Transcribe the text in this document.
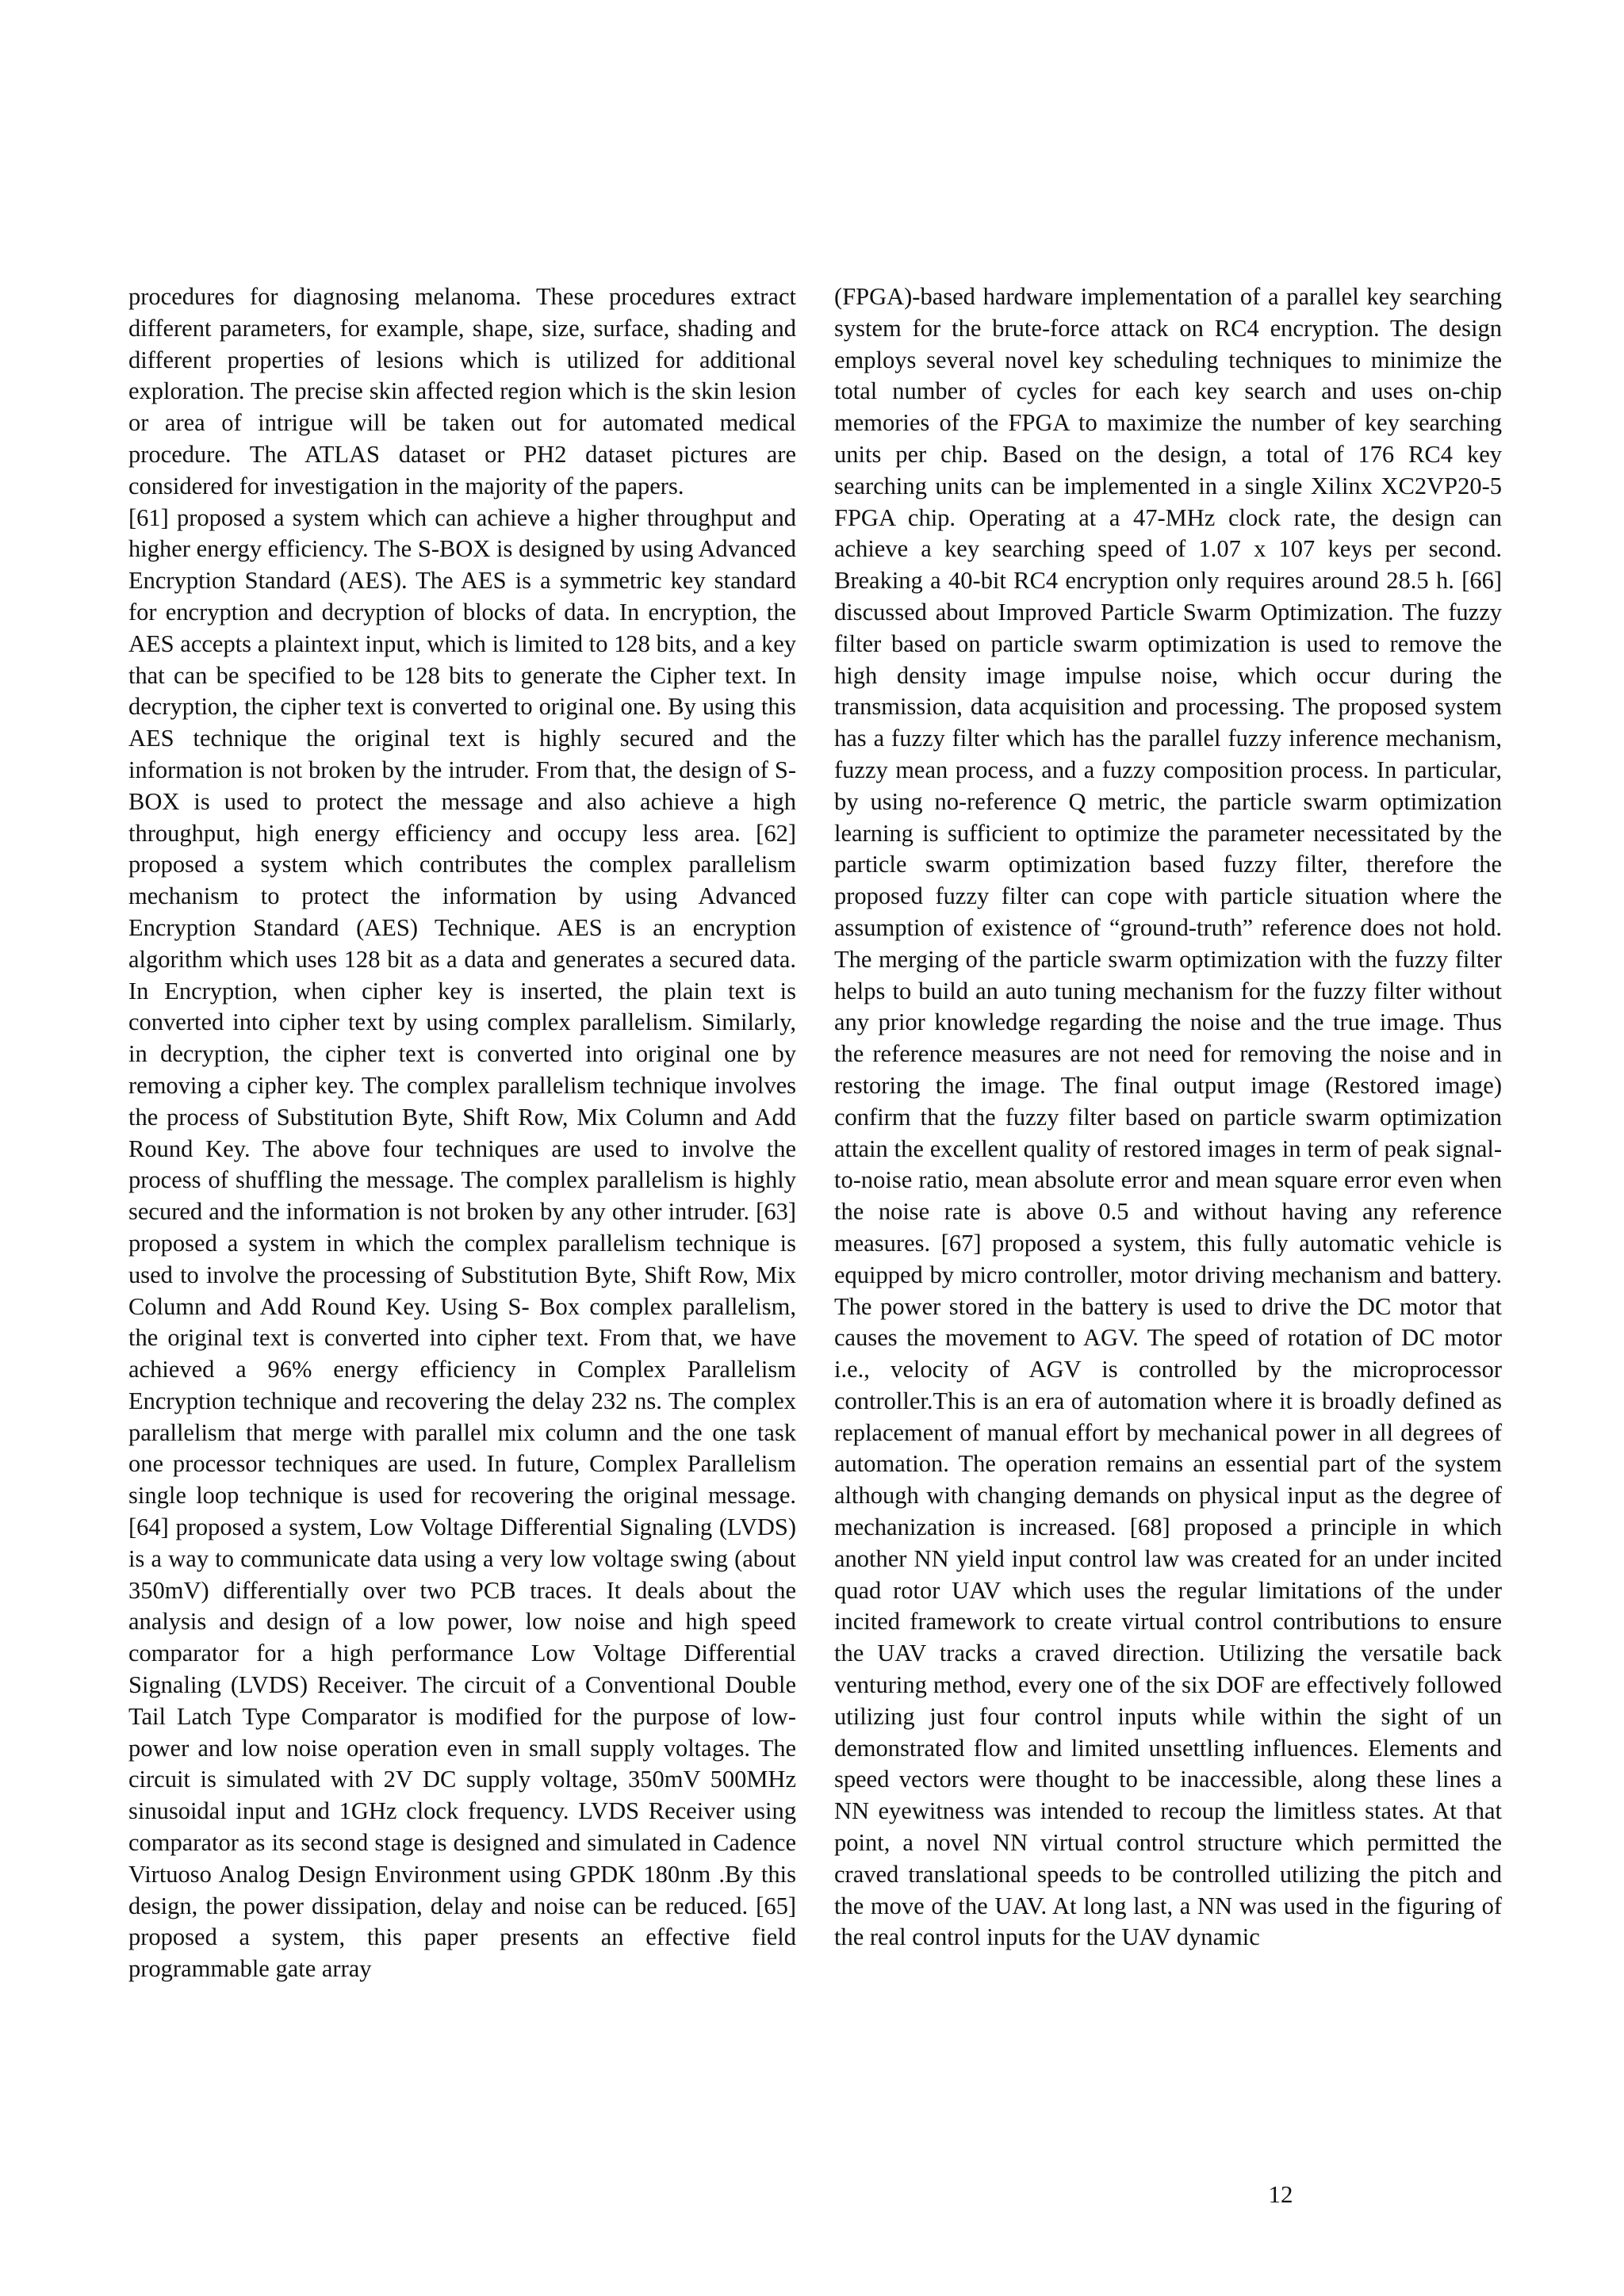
procedures for diagnosing melanoma. These procedures extract different parameters, for example, shape, size, surface, shading and different properties of lesions which is utilized for additional exploration. The precise skin affected region which is the skin lesion or area of intrigue will be taken out for automated medical procedure. The ATLAS dataset or PH2 dataset pictures are considered for investigation in the majority of the papers.

[61] proposed a system which can achieve a higher throughput and higher energy efficiency. The S-BOX is designed by using Advanced Encryption Standard (AES). The AES is a symmetric key standard for encryption and decryption of blocks of data. In encryption, the AES accepts a plaintext input, which is limited to 128 bits, and a key that can be specified to be 128 bits to generate the Cipher text. In decryption, the cipher text is converted to original one. By using this AES technique the original text is highly secured and the information is not broken by the intruder. From that, the design of S-BOX is used to protect the message and also achieve a high throughput, high energy efficiency and occupy less area. [62] proposed a system which contributes the complex parallelism mechanism to protect the information by using Advanced Encryption Standard (AES) Technique. AES is an encryption algorithm which uses 128 bit as a data and generates a secured data. In Encryption, when cipher key is inserted, the plain text is converted into cipher text by using complex parallelism. Similarly, in decryption, the cipher text is converted into original one by removing a cipher key. The complex parallelism technique involves the process of Substitution Byte, Shift Row, Mix Column and Add Round Key. The above four techniques are used to involve the process of shuffling the message. The complex parallelism is highly secured and the information is not broken by any other intruder. [63] proposed a system in which the complex parallelism technique is used to involve the processing of Substitution Byte, Shift Row, Mix Column and Add Round Key. Using S- Box complex parallelism, the original text is converted into cipher text. From that, we have achieved a 96% energy efficiency in Complex Parallelism Encryption technique and recovering the delay 232 ns. The complex parallelism that merge with parallel mix column and the one task one processor techniques are used. In future, Complex Parallelism single loop technique is used for recovering the original message. [64] proposed a system, Low Voltage Differential Signaling (LVDS) is a way to communicate data using a very low voltage swing (about 350mV) differentially over two PCB traces. It deals about the analysis and design of a low power, low noise and high speed comparator for a high performance Low Voltage Differential Signaling (LVDS) Receiver. The circuit of a Conventional Double Tail Latch Type Comparator is modified for the purpose of low-power and low noise operation even in small supply voltages. The circuit is simulated with 2V DC supply voltage, 350mV 500MHz sinusoidal input and 1GHz clock frequency. LVDS Receiver using comparator as its second stage is designed and simulated in Cadence Virtuoso Analog Design Environment using GPDK 180nm .By this design, the power dissipation, delay and noise can be reduced. [65] proposed a system, this paper presents an effective field programmable gate array

(FPGA)-based hardware implementation of a parallel key searching system for the brute-force attack on RC4 encryption. The design employs several novel key scheduling techniques to minimize the total number of cycles for each key search and uses on-chip memories of the FPGA to maximize the number of key searching units per chip. Based on the design, a total of 176 RC4 key searching units can be implemented in a single Xilinx XC2VP20-5 FPGA chip. Operating at a 47-MHz clock rate, the design can achieve a key searching speed of 1.07 x 107 keys per second. Breaking a 40-bit RC4 encryption only requires around 28.5 h. [66] discussed about Improved Particle Swarm Optimization. The fuzzy filter based on particle swarm optimization is used to remove the high density image impulse noise, which occur during the transmission, data acquisition and processing. The proposed system has a fuzzy filter which has the parallel fuzzy inference mechanism, fuzzy mean process, and a fuzzy composition process. In particular, by using no-reference Q metric, the particle swarm optimization learning is sufficient to optimize the parameter necessitated by the particle swarm optimization based fuzzy filter, therefore the proposed fuzzy filter can cope with particle situation where the assumption of existence of “ground-truth” reference does not hold. The merging of the particle swarm optimization with the fuzzy filter helps to build an auto tuning mechanism for the fuzzy filter without any prior knowledge regarding the noise and the true image. Thus the reference measures are not need for removing the noise and in restoring the image. The final output image (Restored image) confirm that the fuzzy filter based on particle swarm optimization attain the excellent quality of restored images in term of peak signal-to-noise ratio, mean absolute error and mean square error even when the noise rate is above 0.5 and without having any reference measures. [67] proposed a system, this fully automatic vehicle is equipped by micro controller, motor driving mechanism and battery. The power stored in the battery is used to drive the DC motor that causes the movement to AGV. The speed of rotation of DC motor i.e., velocity of AGV is controlled by the microprocessor controller.This is an era of automation where it is broadly defined as replacement of manual effort by mechanical power in all degrees of automation. The operation remains an essential part of the system although with changing demands on physical input as the degree of mechanization is increased. [68] proposed a principle in which another NN yield input control law was created for an under incited quad rotor UAV which uses the regular limitations of the under incited framework to create virtual control contributions to ensure the UAV tracks a craved direction. Utilizing the versatile back venturing method, every one of the six DOF are effectively followed utilizing just four control inputs while within the sight of un demonstrated flow and limited unsettling influences. Elements and speed vectors were thought to be inaccessible, along these lines a NN eyewitness was intended to recoup the limitless states. At that point, a novel NN virtual control structure which permitted the craved translational speeds to be controlled utilizing the pitch and the move of the UAV. At long last, a NN was used in the figuring of the real control inputs for the UAV dynamic

12
